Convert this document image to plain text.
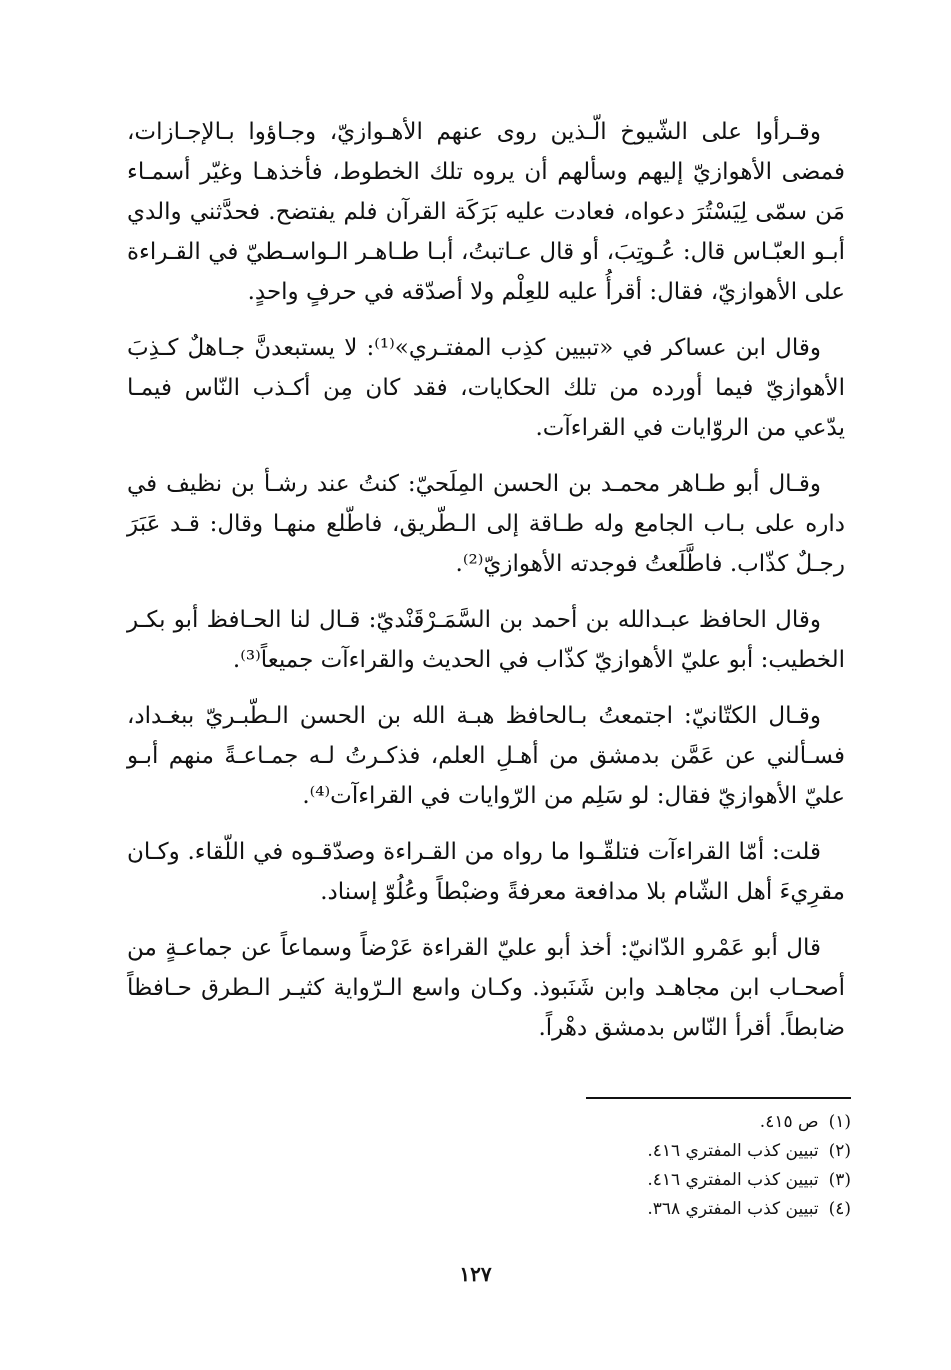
وقـرأوا على الشّيوخ الّـذين روى عنهم الأهـوازيّ، وجـاؤوا بـالإجـازات، فمضى الأهوازيّ إليهم وسألهم أن يروه تلك الخطوط، فأخذهـا وغيّر أسمـاء مَن سمّى لِيَسْتُرَ دعواه، فعادت عليه بَرَكَة القرآن فلم يفتضح. فحدَّثني والدي أبـو العبّـاس قال: عُـوتِبَ، أو قال عـاتبتُ، أبـا طـاهـر الـواسـطيّ في القـراءة على الأهوازيّ، فقال: أقرأُ عليه للعِلْم ولا أصدّقه في حرفٍ واحدٍ.

وقال ابن عساكر في «تبيين كذِب المفتـري»⁽¹⁾: لا يستبعدنَّ جـاهلٌ كـذِبَ الأهوازيّ فيما أورده من تلك الحكايات، فقد كان مِن أكـذب النّاس فيمـا يدّعي من الروّايات في القراءآت.

وقـال أبو طـاهر محمـد بن الحسن المِلَحيّ: كنتُ عند رشـأ بن نظيف في داره على بـاب الجامع وله طـاقة إلى الـطّريق، فاطّلع منهـا وقال: قـد عَبَرَ رجـلٌ كذّاب. فاطَّلَعتُ فوجدته الأهوازيّ⁽²⁾.

وقال الحافظ عبـدالله بن أحمد بن السَّمَـرْقَنْديّ: قـال لنا الحـافظ أبو بكـر الخطيب: أبو عليّ الأهوازيّ كذّاب في الحديث والقراءآت جميعاً⁽³⁾.

وقـال الكتّانيّ: اجتمعتُ بـالحافظ هبـة الله بن الحسن الـطّبـريّ ببغـداد، فسـألني عن عَمَّن بدمشق من أهـلِ العلم، فذكـرتُ لـه جمـاعـةً منهم أبـو عليّ الأهوازيّ فقال: لو سَلِم من الرّوايات في القراءآت⁽⁴⁾.

قلت: أمّا القراءآت فتلقّـوا ما رواه من القـراءة وصدّقـوه في اللّقاء. وكـان مقرِيءَ أهل الشّام بلا مدافعة معرفةً وضبْطاً وعُلُوّ إسناد.

قال أبو عَمْرو الدّانيّ: أخذ أبو عليّ القراءة عَرْضاً وسماعاً عن جماعـةٍ من أصحـاب ابن مجاهـد وابن شَنَبوذ. وكـان واسع الـرّواية كثيـر الـطرق حـافظاً ضابطاً. أقرأ النّاس بدمشق دهْراً.

(١)ص ٤١٥.
(٢)تبيين كذب المفتري ٤١٦.
(٣)تبيين كذب المفتري ٤١٦.
(٤)تبيين كذب المفتري ٣٦٨.
١٢٧
